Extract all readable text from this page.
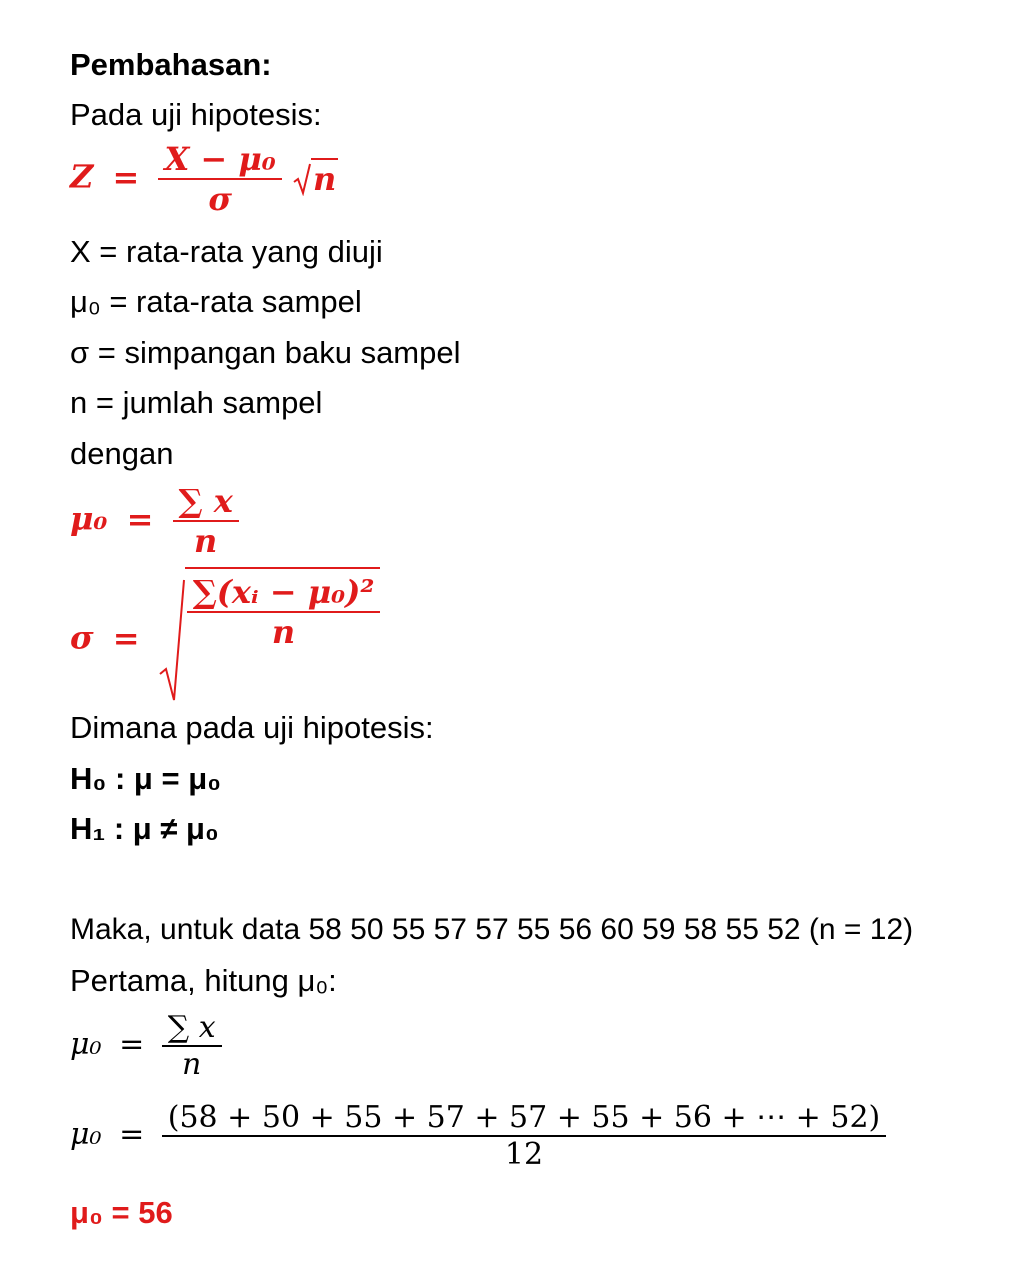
Pembahasan:
Pada uji hipotesis:
$Z = \frac{\text{X − μ₀}}{\sigma}$ n
X = rata-rata yang diuji
μ₀ = rata-rata sampel
σ = simpangan baku sampel
n = jumlah sampel
dengan
$\mu_0 = \frac{\sum x}{n}$
$\sigma = \frac{\text{∑(xᵢ − μ₀)²}}{n}$
Dimana pada uji hipotesis:
H₀ : μ = μ₀
H₁ : μ ≠ μ₀
Maka, untuk data 58 50 55 57 57 55 56 60 59 58 55 52 (n = 12)
Pertama, hitung μ₀:
$\mu_0 = \frac{\sum x}{n}$
$\mu_0 = \frac{(58 + 50 + 55 + 57 + 57 + 55 + 56 + \cdots + 52)}{12}$
μ₀ = 56
